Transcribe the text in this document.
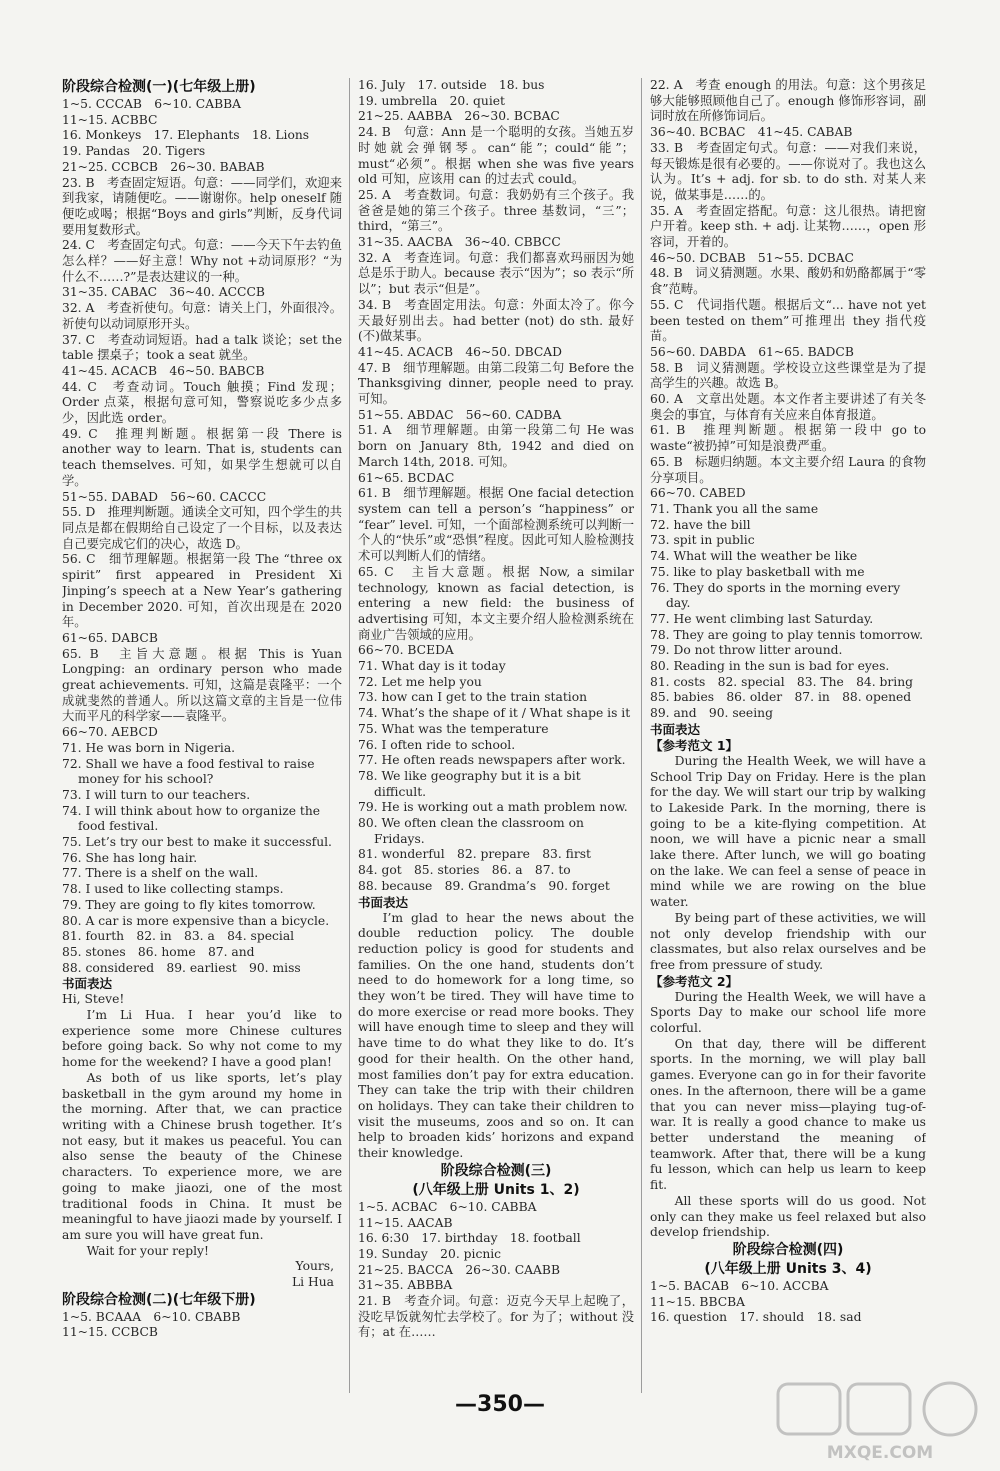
阶段综合检测(一)(七年级上册)
1~5. CCCAB　6~10. CABBA
11~15. ACBBC
16. Monkeys　17. Elephants　18. Lions
19. Pandas　20. Tigers
21~25. CCBCB　26~30. BABAB
23. B　考查固定短语。句意：——同学们，欢迎来到我家，请随便吃。——谢谢你。help oneself 随便吃或喝；根据“Boys and girls”判断，反身代词要用复数形式。
24. C　考查固定句式。句意：——今天下午去钓鱼怎么样？——好主意！Why not +动词原形？“为什么不……?”是表达建议的一种。
31~35. CABAC　36~40. ACCCB
32. A　考查祈使句。句意：请关上门，外面很冷。祈使句以动词原形开头。
37. C　考查动词短语。had a talk 谈论；set the table 摆桌子；took a seat 就坐。
41~45. ACACB　46~50. BABCB
44. C　考查动词。Touch 触摸；Find 发现；Order 点菜，根据句意可知，警察说吃多少点多少，因此选 order。
49. C　推理判断题。根据第一段 There is another way to learn. That is, students can teach themselves. 可知，如果学生想就可以自学。
51~55. DABAD　56~60. CACCC
55. D　推理判断题。通读全文可知，四个学生的共同点是都在假期给自己设定了一个目标，以及表达自己要完成它们的决心，故选 D。
56. C　细节理解题。根据第一段 The “three ox spirit” first appeared in President Xi Jinping’s speech at a New Year’s gathering in December 2020. 可知，首次出现是在 2020 年。
61~65. DABCB
65. B　主旨大意题。根据 This is Yuan Longping: an ordinary person who made great achievements. 可知，这篇是袁隆平：一个成就斐然的普通人。所以这篇文章的主旨是一位伟大而平凡的科学家——袁隆平。
66~70. AEBCD
71. He was born in Nigeria.
72. Shall we have a food festival to raise money for his school?
73. I will turn to our teachers.
74. I will think about how to organize the food festival.
75. Let’s try our best to make it successful.
76. She has long hair.
77. There is a shelf on the wall.
78. I used to like collecting stamps.
79. They are going to fly kites tomorrow.
80. A car is more expensive than a bicycle.
81. fourth　82. in　83. a　84. special
85. stones　86. home　87. and
88. considered　89. earliest　90. miss
书面表达
Hi, Steve!
I’m Li Hua. I hear you’d like to experience some more Chinese cultures before going back. So why not come to my home for the weekend? I have a good plan!
As both of us like sports, let’s play basketball in the gym around my home in the morning. After that, we can practice writing with a Chinese brush together. It’s not easy, but it makes us peaceful. You can also sense the beauty of the Chinese characters. To experience more, we are going to make jiaozi, one of the most traditional foods in China. It must be meaningful to have jiaozi made by yourself. I am sure you will have great fun.
Wait for your reply!
Yours,
Li Hua
阶段综合检测(二)(七年级下册)
1~5. BCAAA　6~10. CBABB
11~15. CCBCB
16. July　17. outside　18. bus
19. umbrella　20. quiet
21~25. AABBA　26~30. BCBAC
24. B　句意：Ann 是一个聪明的女孩。当她五岁时她就会弹钢琴。can“能”；could“能”；must“必须”。根据 when she was five years old 可知，应该用 can 的过去式 could。
25. A　考查数词。句意：我奶奶有三个孩子。我爸爸是她的第三个孩子。three 基数词，“三”；third，“第三”。
31~35. AACBA　36~40. CBBCC
32. A　考查连词。句意：我们都喜欢玛丽因为她总是乐于助人。because 表示“因为”；so 表示“所以”；but 表示“但是”。
34. B　考查固定用法。句意：外面太冷了。你今天最好别出去。had better (not) do sth. 最好(不)做某事。
41~45. ACACB　46~50. DBCAD
47. B　细节理解题。由第二段第二句 Before the Thanksgiving dinner, people need to pray. 可知。
51~55. ABDAC　56~60. CADBA
51. A　细节理解题。由第一段第二句 He was born on January 8th, 1942 and died on March 14th, 2018. 可知。
61~65. BCDAC
61. B　细节理解题。根据 One facial detection system can tell a person’s “happiness” or “fear” level. 可知，一个面部检测系统可以判断一个人的“快乐”或“恐惧”程度。因此可知人脸检测技术可以判断人们的情绪。
65. C　主旨大意题。根据 Now, a similar technology, known as facial detection, is entering a new field: the business of advertising 可知，本文主要介绍人脸检测系统在商业广告领域的应用。
66~70. BCEDA
71. What day is it today
72. Let me help you
73. how can I get to the train station
74. What’s the shape of it / What shape is it
75. What was the temperature
76. I often ride to school.
77. He often reads newspapers after work.
78. We like geography but it is a bit difficult.
79. He is working out a math problem now.
80. We often clean the classroom on Fridays.
81. wonderful　82. prepare　83. first
84. got　85. stories　86. a　87. to
88. because　89. Grandma’s　90. forget
书面表达
I’m glad to hear the news about the double reduction policy. The double reduction policy is good for students and families. On the one hand, students don’t need to do homework for a long time, so they won’t be tired. They will have time to do more exercise or read more books. They will have enough time to sleep and they will have time to do what they like to do. It’s good for their health. On the other hand, most families don’t pay for extra education. They can take the trip with their children on holidays. They can take their children to visit the museums, zoos and so on. It can help to broaden kids’ horizons and expand their knowledge.
阶段综合检测(三)
(八年级上册 Units 1、2)
1~5. ACBAC　6~10. CABBA
11~15. AACAB
16. 6:30　17. birthday　18. football
19. Sunday　20. picnic
21~25. BACCA　26~30. CAABB
31~35. ABBBA
21. B　考查介词。句意：迈克今天早上起晚了，没吃早饭就匆忙去学校了。for 为了；without 没有；at 在……
22. A　考查 enough 的用法。句意：这个男孩足够大能够照顾他自己了。enough 修饰形容词，副词时放在所修饰词后。
36~40. BCBAC　41~45. CABAB
33. B　考查固定句式。句意：——对我们来说，每天锻炼是很有必要的。——你说对了。我也这么认为。It’s + adj. for sb. to do sth. 对某人来说，做某事是……的。
35. A　考查固定搭配。句意：这儿很热。请把窗户开着。keep sth. + adj. 让某物……，open 形容词，开着的。
46~50. DCBAB　51~55. DCBAC
48. B　词义猜测题。水果、酸奶和奶酪都属于“零食”范畴。
55. C　代词指代题。根据后文“... have not yet been tested on them”可推理出 they 指代疫苗。
56~60. DABDA　61~65. BADCB
58. B　词义猜测题。学校设立这些课堂是为了提高学生的兴趣。故选 B。
60. A　文章出处题。本文作者主要讲述了有关冬奥会的事宜，与体育有关应来自体育报道。
61. B　推理判断题。根据第一段中 go to waste“被扔掉”可知是浪费严重。
65. B　标题归纳题。本文主要介绍 Laura 的食物分享项目。
66~70. CABED
71. Thank you all the same
72. have the bill
73. spit in public
74. What will the weather be like
75. like to play basketball with me
76. They do sports in the morning every day.
77. He went climbing last Saturday.
78. They are going to play tennis tomorrow.
79. Do not throw litter around.
80. Reading in the sun is bad for eyes.
81. costs　82. special　83. The　84. bring
85. babies　86. older　87. in　88. opened
89. and　90. seeing
书面表达
【参考范文 1】
During the Health Week, we will have a School Trip Day on Friday. Here is the plan for the day. We will start our trip by walking to Lakeside Park. In the morning, there is going to be a kite-flying competition. At noon, we will have a picnic near a small lake there. After lunch, we will go boating on the lake. We can feel a sense of peace in mind while we are rowing on the blue water.
By being part of these activities, we will not only develop friendship with our classmates, but also relax ourselves and be free from pressure of study.
【参考范文 2】
During the Health Week, we will have a Sports Day to make our school life more colorful.
On that day, there will be different sports. In the morning, we will play ball games. Everyone can go in for their favorite ones. In the afternoon, there will be a game that you can never miss—playing tug-of-war. It is really a good chance to make us better understand the meaning of teamwork. After that, there will be a kung fu lesson, which can help us learn to keep fit.
All these sports will do us good. Not only can they make us feel relaxed but also develop friendship.
阶段综合检测(四)
(八年级上册 Units 3、4)
1~5. BACAB　6~10. ACCBA
11~15. BBCBA
16. question　17. should　18. sad
—350—
MXQE.COM
